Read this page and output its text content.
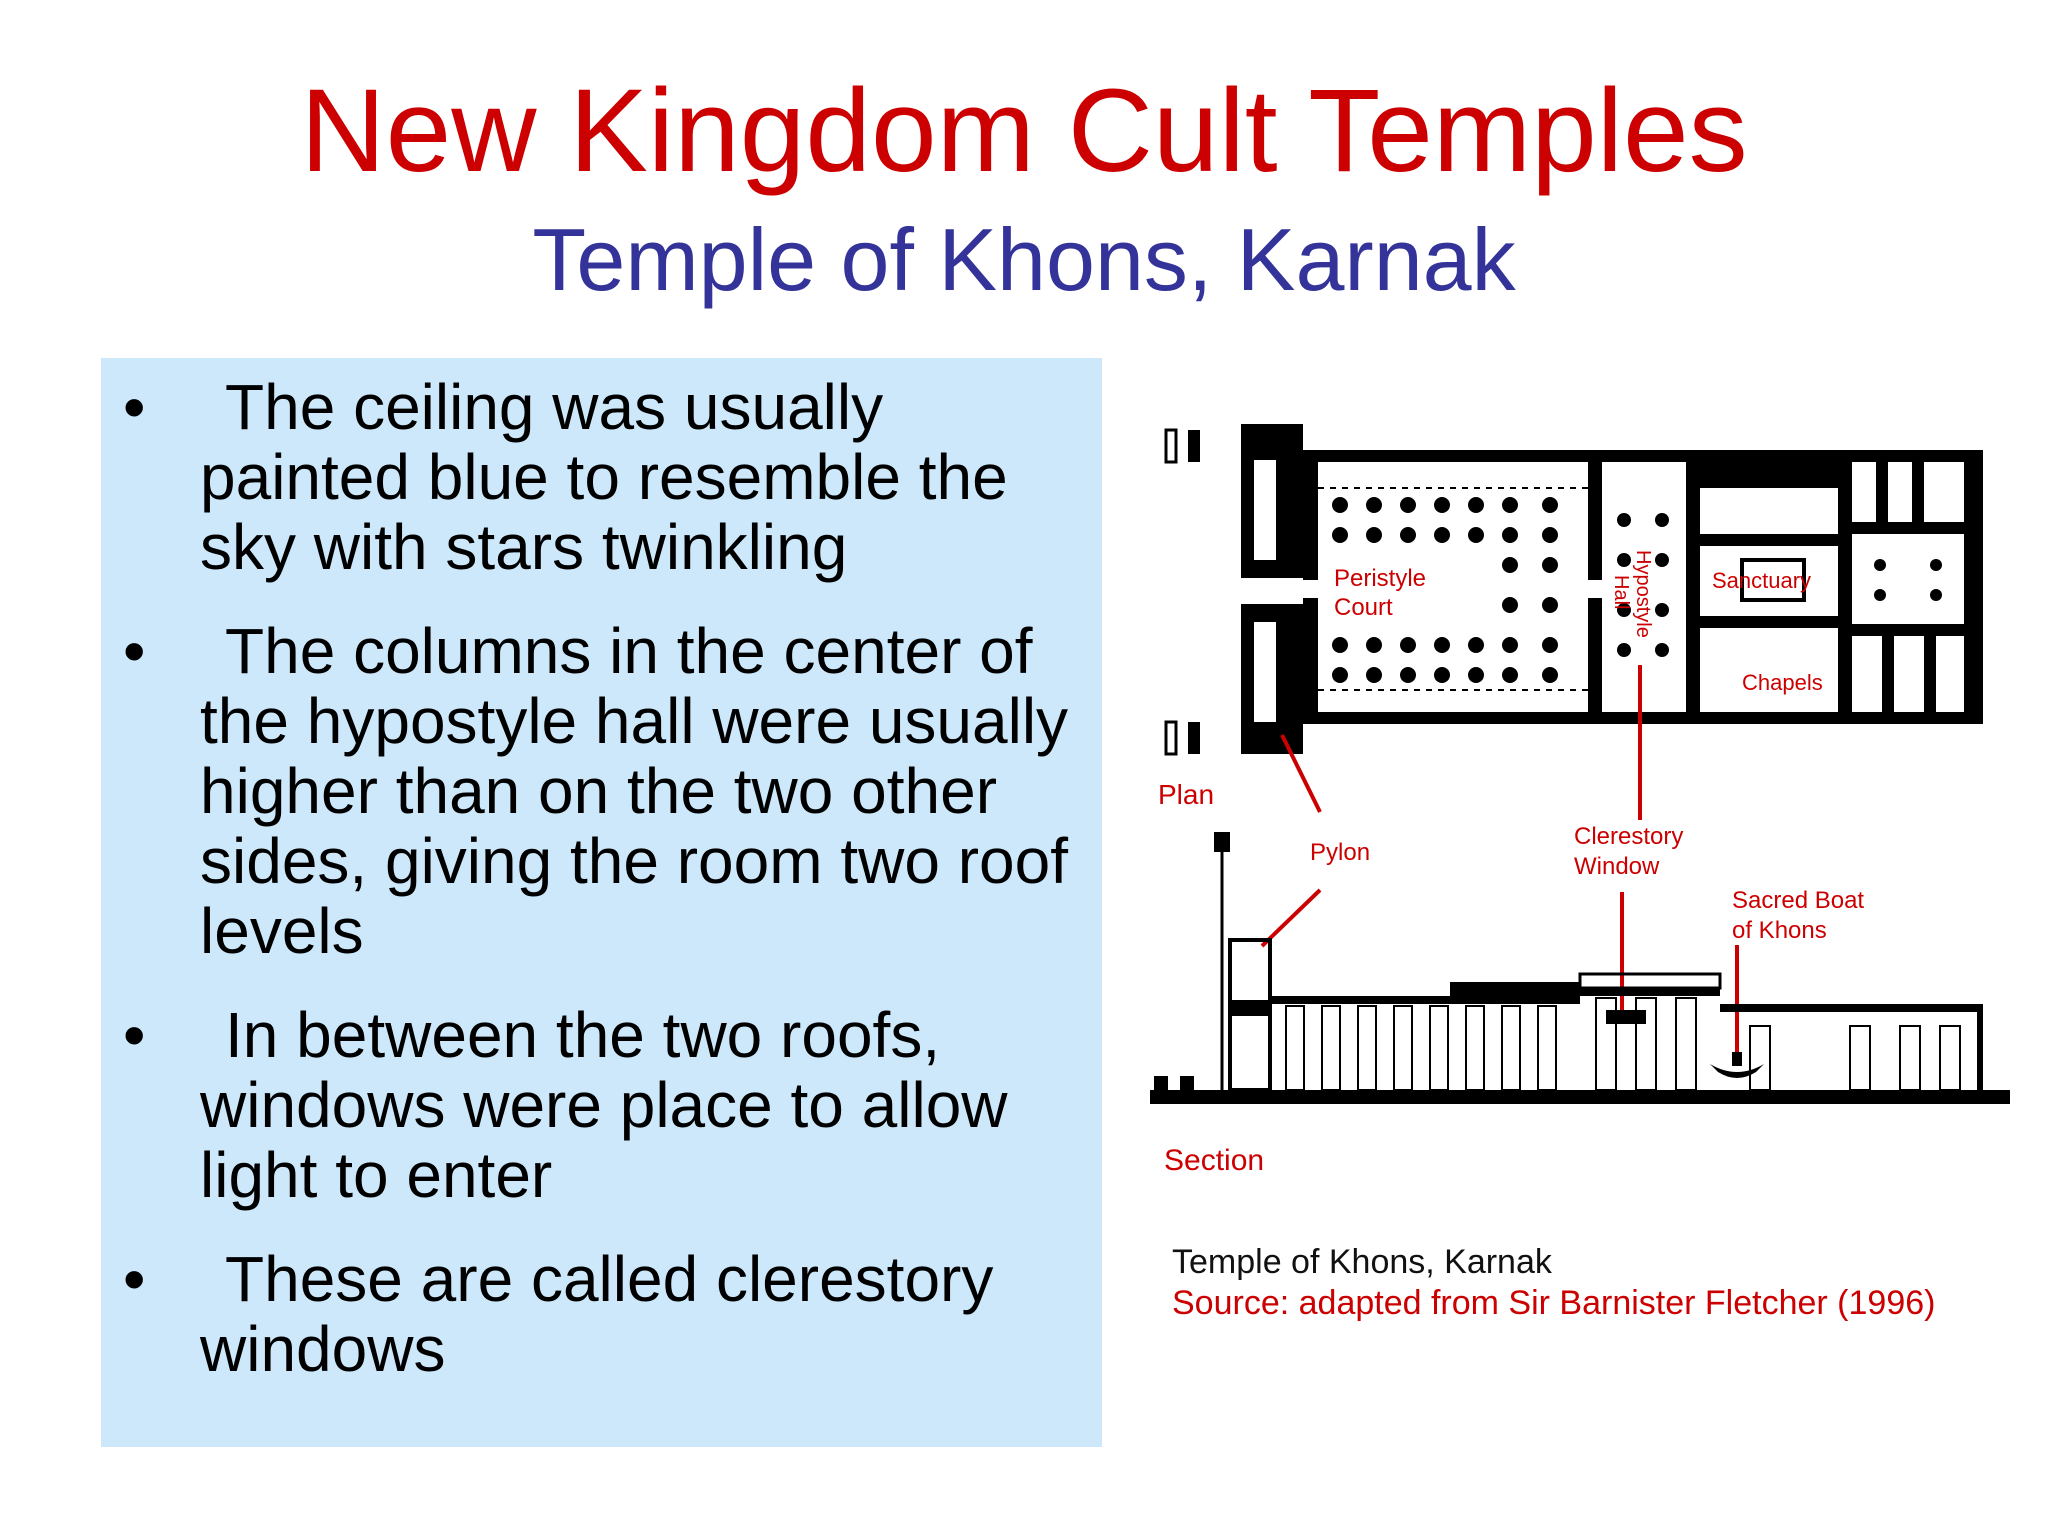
New Kingdom Cult Temples
Temple of Khons, Karnak
•	The ceiling was usually painted blue to resemble the sky with stars twinkling
•	The columns in the center of the hypostyle hall were usually higher than on the two other sides, giving the room two roof levels
•	In between the two roofs, windows were place to allow light to enter
•	These are called clerestory windows
Peristyle
Court	Hypostyle
Hall	Sanctuary
Chapels
Plan
Pylon
Clerestory
Window
Sacred Boat
of Khons
Section
Temple of Khons, Karnak
Source: adapted from Sir Barnister Fletcher (1996)
